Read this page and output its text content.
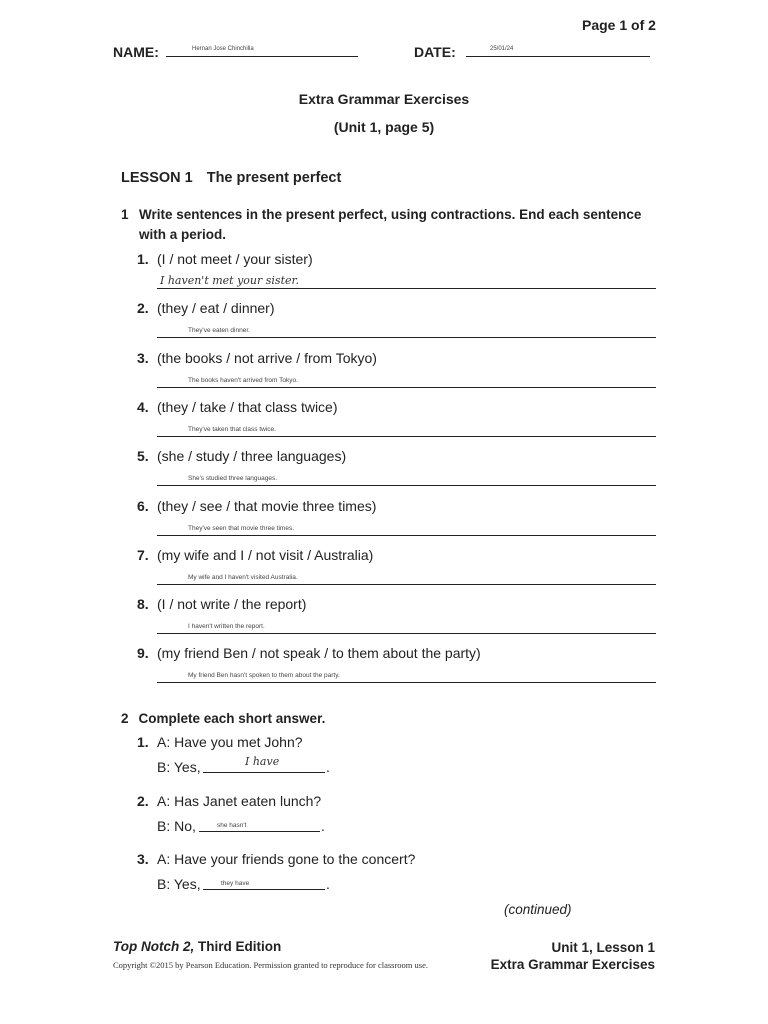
Page 1 of 2
NAME:	Hernan Jose Chinchilla	DATE:	25/01/24
Extra Grammar Exercises
(Unit 1, page 5)
LESSON 1 The present perfect
1 Write sentences in the present perfect, using contractions. End each sentence with a period.
1. (I / not meet / your sister)
I haven't met your sister.
2. (they / eat / dinner)
They've eaten dinner.
3. (the books / not arrive / from Tokyo)
The books haven't arrived from Tokyo.
4. (they / take / that class twice)
They've taken that class twice.
5. (she / study / three languages)
She's studied three languages.
6. (they / see / that movie three times)
They've seen that movie three times.
7. (my wife and I / not visit / Australia)
My wife and I haven't visited Australia.
8. (I / not write / the report)
I haven't written the report.
9. (my friend Ben / not speak / to them about the party)
My friend Ben hasn't spoken to them about the party.
2 Complete each short answer.
1. A: Have you met John?
B: Yes,	.
I have
2. A: Has Janet eaten lunch?
B: No,	.
she hasn't
3. A: Have your friends gone to the concert?
B: Yes,	.
they have
(continued)
Top Notch 2, Third Edition
Copyright ©2015 by Pearson Education. Permission granted to reproduce for classroom use.
Unit 1, Lesson 1
Extra Grammar Exercises
